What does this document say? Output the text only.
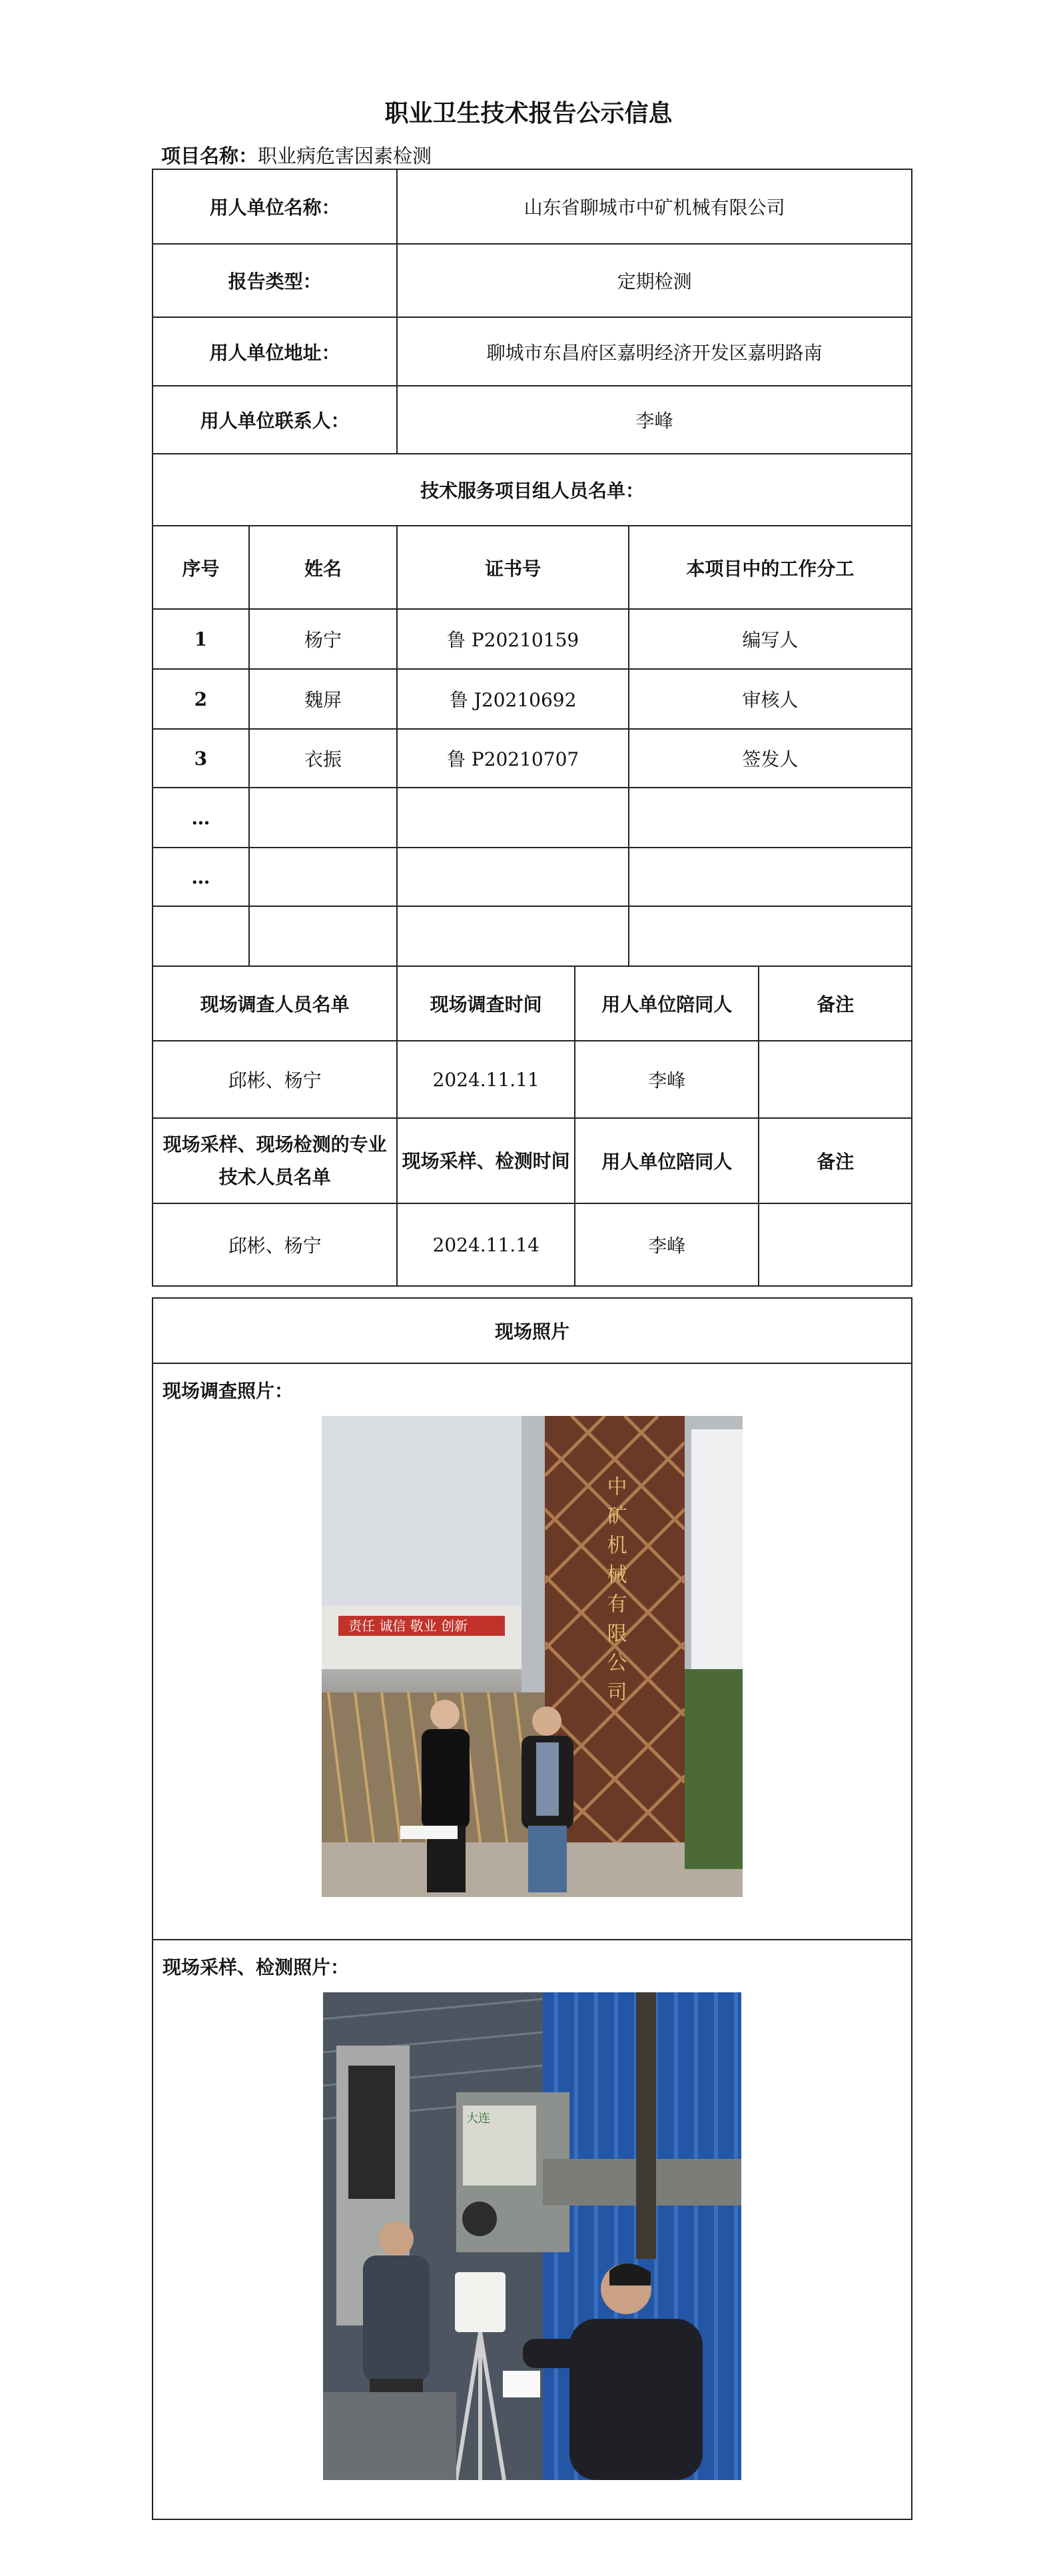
职业卫生技术报告公示信息
项目名称：职业病危害因素检测
用人单位名称：		山东省聊城市中矿机械有限公司			
报告类型：		定期检测			
用人单位地址：		聊城市东昌府区嘉明经济开发区嘉明路南			
用人单位联系人：		李峰			
技术服务项目组人员名单：					
序号	姓名	证书号		本项目中的工作分工	
1	杨宁	鲁 P20210159		编写人	
2	魏屏	鲁 J20210692		审核人	
3	衣振	鲁 P20210707		签发人	
…					
…					

现场调查人员名单		现场调查时间	用人单位陪同人		备注
邱彬、杨宁		2024.11.11	李峰		
现场采样、现场检测的专业技术人员名单		现场采样、检测时间	用人单位陪同人		备注
邱彬、杨宁		2024.11.14	李峰		
现场照片
现场调查照片：

责任 诚信 敬业 创新	中矿机械有限公司

现场采样、检测照片：

大连
